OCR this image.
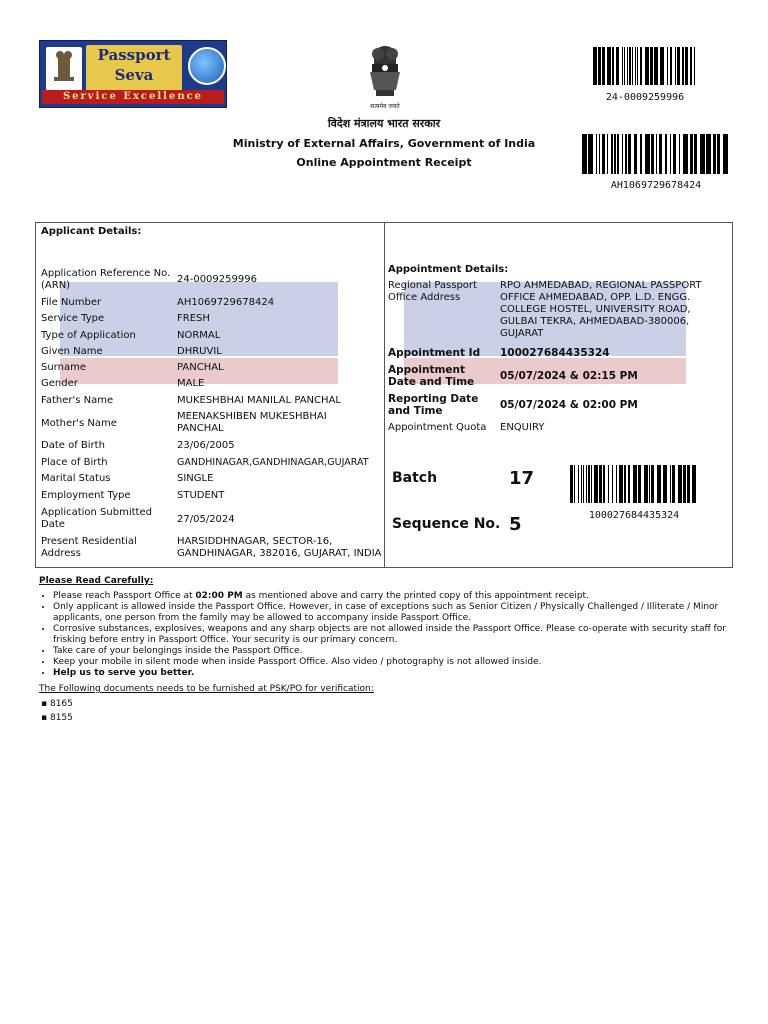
Passport
Seva
Service Excellence
सत्यमेव जयते
विदेश मंत्रालय भारत सरकार
Ministry of External Affairs, Government of India
Online Appointment Receipt
24-0009259996
AH1069729678424
Applicant Details:
Application Reference No. (ARN)
24-0009259996
File Number	AH1069729678424
Service Type	FRESH
Type of Application	NORMAL
Given Name	DHRUVIL
Surname	PANCHAL
Gender	MALE
Father's Name	MUKESHBHAI MANILAL PANCHAL
Mother's Name
MEENAKSHIBEN MUKESHBHAI PANCHAL
Date of Birth	23/06/2005
Place of Birth	GANDHINAGAR,GANDHINAGAR,GUJARAT
Marital Status	SINGLE
Employment Type	STUDENT
Application Submitted Date	27/05/2024
Present Residential Address
HARSIDDHNAGAR, SECTOR-16, GANDHINAGAR, 382016, GUJARAT, INDIA
Appointment Details:
Regional Passport Office Address
RPO AHMEDABAD, REGIONAL PASSPORT OFFICE AHMEDABAD, OPP. L.D. ENGG. COLLEGE HOSTEL, UNIVERSITY ROAD, GULBAI TEKRA, AHMEDABAD-380006, GUJARAT
Appointment Id 100027684435324
Appointment Date and Time	05/07/2024 & 02:15 PM
Reporting Date and Time	05/07/2024 & 02:00 PM
Appointment Quota ENQUIRY
Batch	17
Sequence No. 5	100027684435324
Please Read Carefully:
• Please reach Passport Office at 02:00 PM as mentioned above and carry the printed copy of this appointment receipt.
• Only applicant is allowed inside the Passport Office. However, in case of exceptions such as Senior Citizen / Physically Challenged / Illiterate / Minor applicants, one person from the family may be allowed to accompany inside Passport Office.
• Corrosive substances, explosives, weapons and any sharp objects are not allowed inside the Passport Office. Please co-operate with security staff for frisking before entry in Passport Office. Your security is our primary concern.
• Take care of your belongings inside the Passport Office.
• Keep your mobile in silent mode when inside Passport Office. Also video / photography is not allowed inside.
• Help us to serve you better.
The Following documents needs to be furnished at PSK/PO for verification:
▪ 8165
▪ 8155
